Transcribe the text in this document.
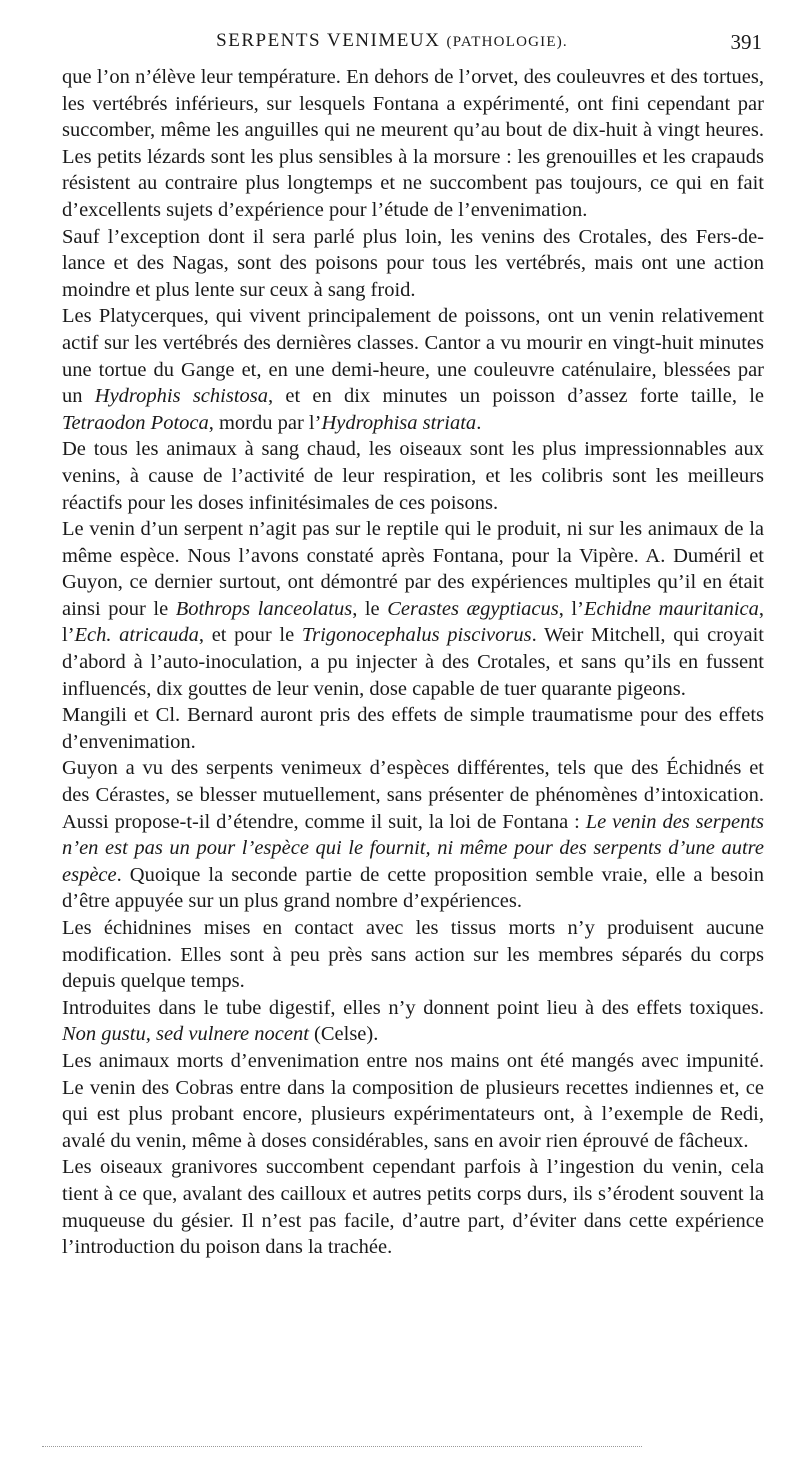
SERPENTS VENIMEUX (PATHOLOGIE).	391

que l’on n’élève leur température. En dehors de l’orvet, des couleuvres et des tortues, les vertébrés inférieurs, sur lesquels Fontana a expérimenté, ont fini cependant par succomber, même les anguilles qui ne meurent qu’au bout de dix-huit à vingt heures. Les petits lézards sont les plus sensibles à la morsure : les grenouilles et les crapauds résistent au contraire plus longtemps et ne succombent pas toujours, ce qui en fait d’excellents sujets d’expérience pour l’étude de l’envenimation.

Sauf l’exception dont il sera parlé plus loin, les venins des Crotales, des Fers-de-lance et des Nagas, sont des poisons pour tous les vertébrés, mais ont une action moindre et plus lente sur ceux à sang froid.

Les Platycerques, qui vivent principalement de poissons, ont un venin relativement actif sur les vertébrés des dernières classes. Cantor a vu mourir en vingt-huit minutes une tortue du Gange et, en une demi-heure, une couleuvre caténulaire, blessées par un Hydrophis schistosa, et en dix minutes un poisson d’assez forte taille, le Tetraodon Potoca, mordu par l’Hydrophisa striata.

De tous les animaux à sang chaud, les oiseaux sont les plus impressionnables aux venins, à cause de l’activité de leur respiration, et les colibris sont les meilleurs réactifs pour les doses infinitésimales de ces poisons.

Le venin d’un serpent n’agit pas sur le reptile qui le produit, ni sur les animaux de la même espèce. Nous l’avons constaté après Fontana, pour la Vipère. A. Duméril et Guyon, ce dernier surtout, ont démontré par des expériences multiples qu’il en était ainsi pour le Bothrops lanceolatus, le Cerastes ægyptiacus, l’Echidne mauritanica, l’Ech. atricauda, et pour le Trigonocephalus piscivorus. Weir Mitchell, qui croyait d’abord à l’auto-inoculation, a pu injecter à des Crotales, et sans qu’ils en fussent influencés, dix gouttes de leur venin, dose capable de tuer quarante pigeons.

Mangili et Cl. Bernard auront pris des effets de simple traumatisme pour des effets d’envenimation.

Guyon a vu des serpents venimeux d’espèces différentes, tels que des Échidnés et des Cérastes, se blesser mutuellement, sans présenter de phénomènes d’intoxication. Aussi propose-t-il d’étendre, comme il suit, la loi de Fontana : Le venin des serpents n’en est pas un pour l’espèce qui le fournit, ni même pour des serpents d’une autre espèce. Quoique la seconde partie de cette proposition semble vraie, elle a besoin d’être appuyée sur un plus grand nombre d’expériences.

Les échidnines mises en contact avec les tissus morts n’y produisent aucune modification. Elles sont à peu près sans action sur les membres séparés du corps depuis quelque temps.

Introduites dans le tube digestif, elles n’y donnent point lieu à des effets toxiques. Non gustu, sed vulnere nocent (Celse).

Les animaux morts d’envenimation entre nos mains ont été mangés avec impunité. Le venin des Cobras entre dans la composition de plusieurs recettes indiennes et, ce qui est plus probant encore, plusieurs expérimentateurs ont, à l’exemple de Redi, avalé du venin, même à doses considérables, sans en avoir rien éprouvé de fâcheux.

Les oiseaux granivores succombent cependant parfois à l’ingestion du venin, cela tient à ce que, avalant des cailloux et autres petits corps durs, ils s’érodent souvent la muqueuse du gésier. Il n’est pas facile, d’autre part, d’éviter dans cette expérience l’introduction du poison dans la trachée.
